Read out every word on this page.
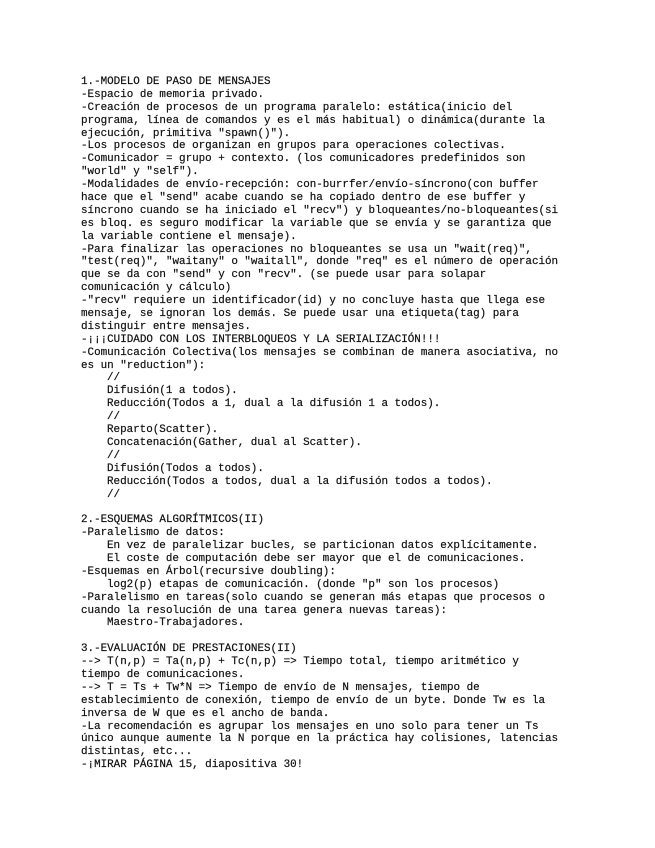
1.-MODELO DE PASO DE MENSAJES
-Espacio de memoria privado.
-Creación de procesos de un programa paralelo: estática(inicio del
programa, línea de comandos y es el más habitual) o dinámica(durante la
ejecución, primitiva "spawn()").
-Los procesos de organizan en grupos para operaciones colectivas.
-Comunicador = grupo + contexto. (los comunicadores predefinidos son
"world" y "self").
-Modalidades de envío-recepción: con-burrfer/envío-síncrono(con buffer
hace que el "send" acabe cuando se ha copiado dentro de ese buffer y
síncrono cuando se ha iniciado el "recv") y bloqueantes/no-bloqueantes(si
es bloq. es seguro modificar la variable que se envía y se garantiza que
la variable contiene el mensaje).
-Para finalizar las operaciones no bloqueantes se usa un "wait(req)",
"test(req)", "waitany" o "waitall", donde "req" es el número de operación
que se da con "send" y con "recv". (se puede usar para solapar
comunicación y cálculo)
-"recv" requiere un identificador(id) y no concluye hasta que llega ese
mensaje, se ignoran los demás. Se puede usar una etiqueta(tag) para
distinguir entre mensajes.
-¡¡¡CUIDADO CON LOS INTERBLOQUEOS Y LA SERIALIZACIÓN!!!
-Comunicación Colectiva(los mensajes se combinan de manera asociativa, no
es un "reduction"):
//
Difusión(1 a todos).
Reducción(Todos a 1, dual a la difusión 1 a todos).
//
Reparto(Scatter).
Concatenación(Gather, dual al Scatter).
//
Difusión(Todos a todos).
Reducción(Todos a todos, dual a la difusión todos a todos).
//
2.-ESQUEMAS ALGORÍTMICOS(II)
-Paralelismo de datos:
En vez de paralelizar bucles, se particionan datos explícitamente.
El coste de computación debe ser mayor que el de comunicaciones.
-Esquemas en Árbol(recursive doubling):
log2(p) etapas de comunicación. (donde "p" son los procesos)
-Paralelismo en tareas(solo cuando se generan más etapas que procesos o
cuando la resolución de una tarea genera nuevas tareas):
Maestro-Trabajadores.
3.-EVALUACIÓN DE PRESTACIONES(II)
--> T(n,p) = Ta(n,p) + Tc(n,p) => Tiempo total, tiempo aritmético y
tiempo de comunicaciones.
--> T = Ts + Tw*N => Tiempo de envío de N mensajes, tiempo de
establecimiento de conexión, tiempo de envío de un byte. Donde Tw es la
inversa de W que es el ancho de banda.
-La recomendación es agrupar los mensajes en uno solo para tener un Ts
único aunque aumente la N porque en la práctica hay colisiones, latencias
distintas, etc...
-¡MIRAR PÁGINA 15, diapositiva 30!
